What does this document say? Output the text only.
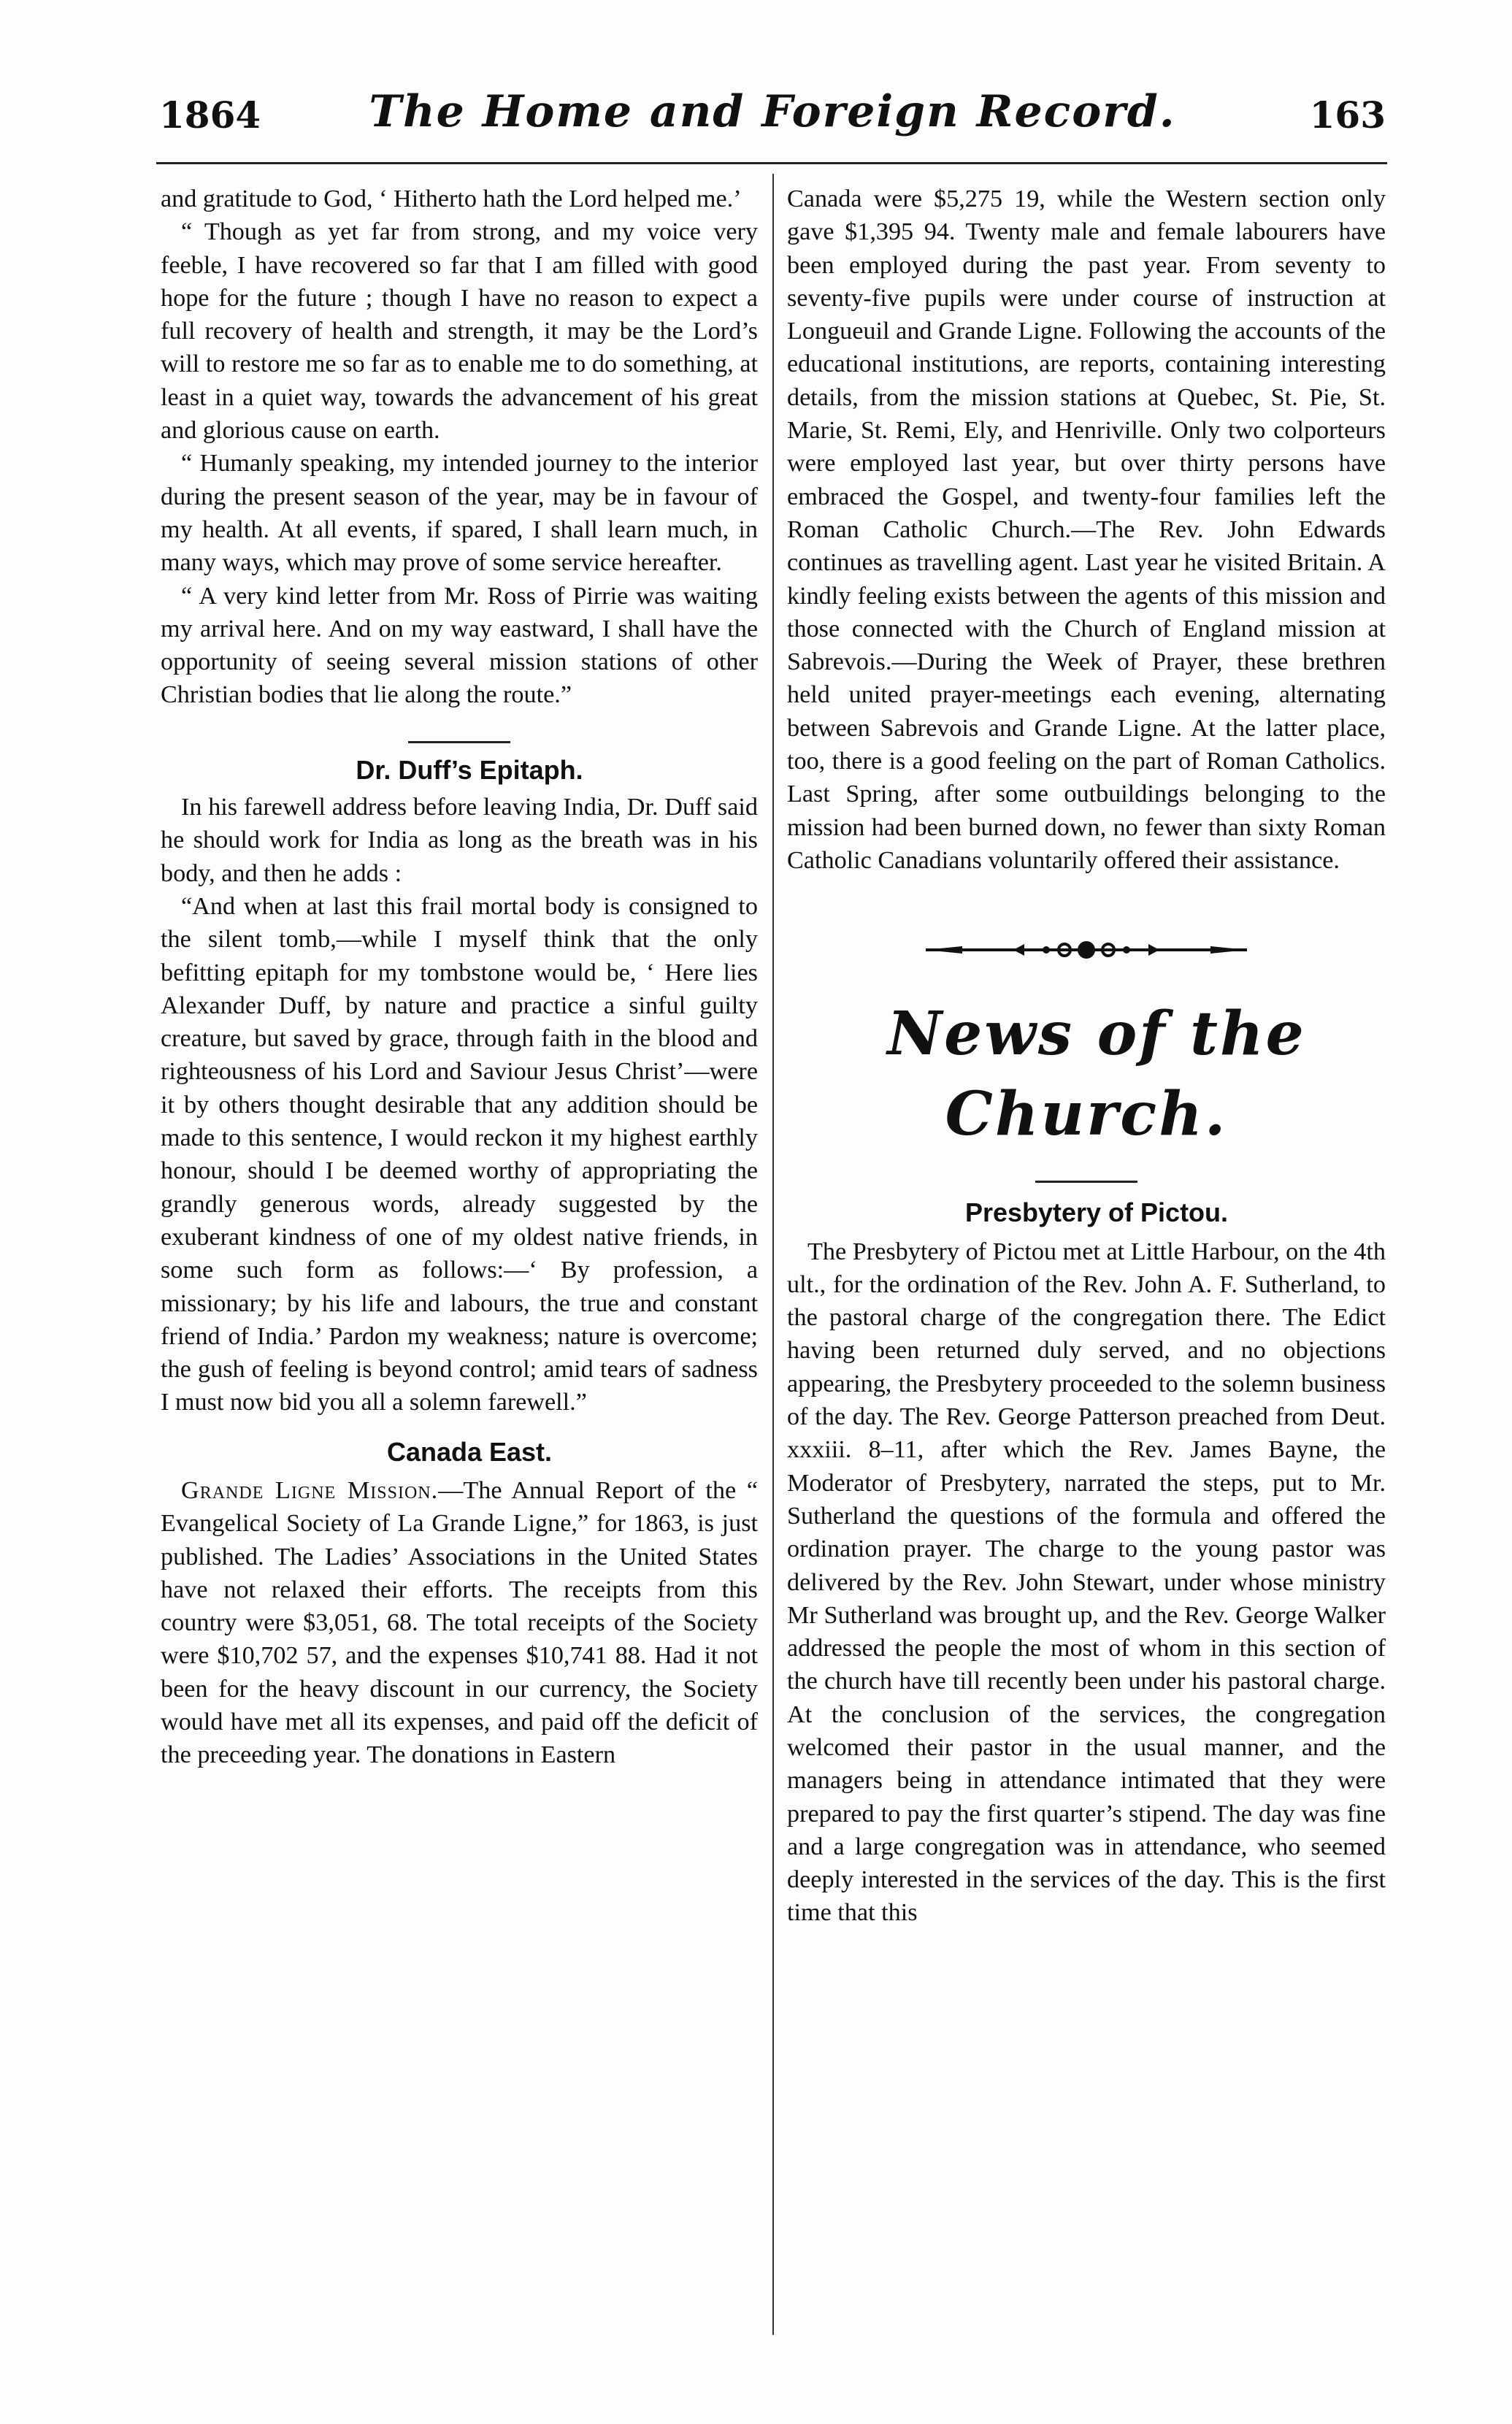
1864	The Home and Foreign Record.	163

and gratitude to God, ‘ Hitherto hath the Lord helped me.’

“ Though as yet far from strong, and my voice very feeble, I have recovered so far that I am filled with good hope for the future ; though I have no reason to expect a full recovery of health and strength, it may be the Lord’s will to restore me so far as to enable me to do something, at least in a quiet way, towards the advancement of his great and glorious cause on earth.

“ Humanly speaking, my intended journey to the interior during the present season of the year, may be in favour of my health. At all events, if spared, I shall learn much, in many ways, which may prove of some service hereafter.

“ A very kind letter from Mr. Ross of Pirrie was waiting my arrival here. And on my way eastward, I shall have the opportunity of seeing several mission stations of other Christian bodies that lie along the route.”

Dr. Duff’s Epitaph.

In his farewell address before leaving India, Dr. Duff said he should work for India as long as the breath was in his body, and then he adds :

“And when at last this frail mortal body is consigned to the silent tomb,—while I myself think that the only befitting epitaph for my tombstone would be, ‘ Here lies Alexander Duff, by nature and practice a sinful guilty creature, but saved by grace, through faith in the blood and righteousness of his Lord and Saviour Jesus Christ’—were it by others thought desirable that any addition should be made to this sentence, I would reckon it my highest earthly honour, should I be deemed worthy of appropriating the grandly generous words, already suggested by the exuberant kindness of one of my oldest native friends, in some such form as follows:—‘ By profession, a missionary; by his life and labours, the true and constant friend of India.’ Pardon my weakness; nature is overcome; the gush of feeling is beyond control; amid tears of sadness I must now bid you all a solemn farewell.”

Canada East.

Grande Ligne Mission.—The Annual Report of the “ Evangelical Society of La Grande Ligne,” for 1863, is just published. The Ladies’ Associations in the United States have not relaxed their efforts. The receipts from this country were $3,051, 68. The total receipts of the Society were $10,702 57, and the expenses $10,741 88. Had it not been for the heavy discount in our currency, the Society would have met all its expenses, and paid off the deficit of the preceeding year. The donations in Eastern

Canada were $5,275 19, while the Western section only gave $1,395 94. Twenty male and female labourers have been employed during the past year. From seventy to seventy-five pupils were under course of instruction at Longueuil and Grande Ligne. Following the accounts of the educational institutions, are reports, containing interesting details, from the mission stations at Quebec, St. Pie, St. Marie, St. Remi, Ely, and Henriville. Only two colporteurs were employed last year, but over thirty persons have embraced the Gospel, and twenty-four families left the Roman Catholic Church.—The Rev. John Edwards continues as travelling agent. Last year he visited Britain. A kindly feeling exists between the agents of this mission and those connected with the Church of England mission at Sabrevois.—During the Week of Prayer, these brethren held united prayer-meetings each evening, alternating between Sabrevois and Grande Ligne. At the latter place, too, there is a good feeling on the part of Roman Catholics. Last Spring, after some outbuildings belonging to the mission had been burned down, no fewer than sixty Roman Catholic Canadians voluntarily offered their assistance.

News of the Church.

Presbytery of Pictou.

The Presbytery of Pictou met at Little Harbour, on the 4th ult., for the ordination of the Rev. John A. F. Sutherland, to the pastoral charge of the congregation there. The Edict having been returned duly served, and no objections appearing, the Presbytery proceeded to the solemn business of the day. The Rev. George Patterson preached from Deut. xxxiii. 8–11, after which the Rev. James Bayne, the Moderator of Presbytery, narrated the steps, put to Mr. Sutherland the questions of the formula and offered the ordination prayer. The charge to the young pastor was delivered by the Rev. John Stewart, under whose ministry Mr Sutherland was brought up, and the Rev. George Walker addressed the people the most of whom in this section of the church have till recently been under his pastoral charge. At the conclusion of the services, the congregation welcomed their pastor in the usual manner, and the managers being in attendance intimated that they were prepared to pay the first quarter’s stipend. The day was fine and a large congregation was in attendance, who seemed deeply interested in the services of the day. This is the first time that this
